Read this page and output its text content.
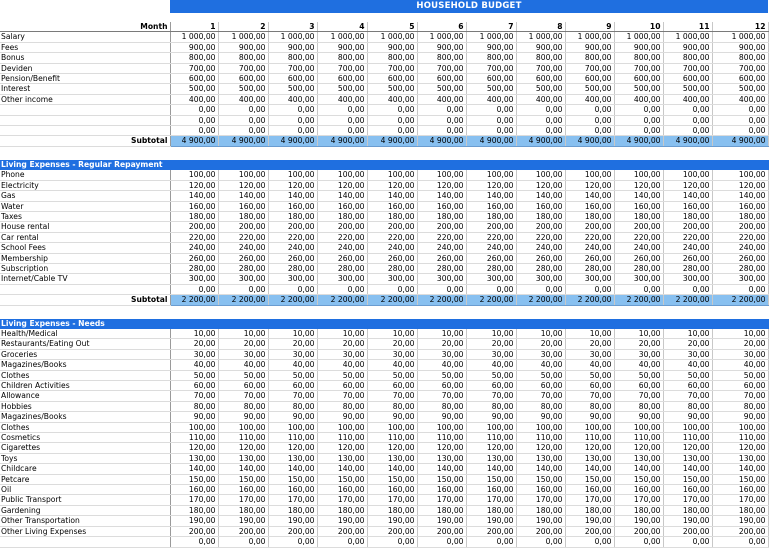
HOUSEHOLD BUDGET
Month	1	2	3	4	5	6	7	8	9	10	11	12
Salary	1 000,00	1 000,00	1 000,00	1 000,00	1 000,00	1 000,00	1 000,00	1 000,00	1 000,00	1 000,00	1 000,00	1 000,00
Fees	900,00	900,00	900,00	900,00	900,00	900,00	900,00	900,00	900,00	900,00	900,00	900,00
Bonus	800,00	800,00	800,00	800,00	800,00	800,00	800,00	800,00	800,00	800,00	800,00	800,00
Deviden	700,00	700,00	700,00	700,00	700,00	700,00	700,00	700,00	700,00	700,00	700,00	700,00
Pension/Benefit	600,00	600,00	600,00	600,00	600,00	600,00	600,00	600,00	600,00	600,00	600,00	600,00
Interest	500,00	500,00	500,00	500,00	500,00	500,00	500,00	500,00	500,00	500,00	500,00	500,00
Other income	400,00	400,00	400,00	400,00	400,00	400,00	400,00	400,00	400,00	400,00	400,00	400,00
	0,00	0,00	0,00	0,00	0,00	0,00	0,00	0,00	0,00	0,00	0,00	0,00
	0,00	0,00	0,00	0,00	0,00	0,00	0,00	0,00	0,00	0,00	0,00	0,00
	0,00	0,00	0,00	0,00	0,00	0,00	0,00	0,00	0,00	0,00	0,00	0,00
Subtotal	4 900,00	4 900,00	4 900,00	4 900,00	4 900,00	4 900,00	4 900,00	4 900,00	4 900,00	4 900,00	4 900,00	4 900,00

Living Expenses - Regular Repayment												
Phone	100,00	100,00	100,00	100,00	100,00	100,00	100,00	100,00	100,00	100,00	100,00	100,00
Electricity	120,00	120,00	120,00	120,00	120,00	120,00	120,00	120,00	120,00	120,00	120,00	120,00
Gas	140,00	140,00	140,00	140,00	140,00	140,00	140,00	140,00	140,00	140,00	140,00	140,00
Water	160,00	160,00	160,00	160,00	160,00	160,00	160,00	160,00	160,00	160,00	160,00	160,00
Taxes	180,00	180,00	180,00	180,00	180,00	180,00	180,00	180,00	180,00	180,00	180,00	180,00
House rental	200,00	200,00	200,00	200,00	200,00	200,00	200,00	200,00	200,00	200,00	200,00	200,00
Car rental	220,00	220,00	220,00	220,00	220,00	220,00	220,00	220,00	220,00	220,00	220,00	220,00
School Fees	240,00	240,00	240,00	240,00	240,00	240,00	240,00	240,00	240,00	240,00	240,00	240,00
Membership	260,00	260,00	260,00	260,00	260,00	260,00	260,00	260,00	260,00	260,00	260,00	260,00
Subscription	280,00	280,00	280,00	280,00	280,00	280,00	280,00	280,00	280,00	280,00	280,00	280,00
Internet/Cable TV	300,00	300,00	300,00	300,00	300,00	300,00	300,00	300,00	300,00	300,00	300,00	300,00
	0,00	0,00	0,00	0,00	0,00	0,00	0,00	0,00	0,00	0,00	0,00	0,00
Subtotal	2 200,00	2 200,00	2 200,00	2 200,00	2 200,00	2 200,00	2 200,00	2 200,00	2 200,00	2 200,00	2 200,00	2 200,00

Living Expenses - Needs												
Health/Medical	10,00	10,00	10,00	10,00	10,00	10,00	10,00	10,00	10,00	10,00	10,00	10,00
Restaurants/Eating Out	20,00	20,00	20,00	20,00	20,00	20,00	20,00	20,00	20,00	20,00	20,00	20,00
Groceries	30,00	30,00	30,00	30,00	30,00	30,00	30,00	30,00	30,00	30,00	30,00	30,00
Magazines/Books	40,00	40,00	40,00	40,00	40,00	40,00	40,00	40,00	40,00	40,00	40,00	40,00
Clothes	50,00	50,00	50,00	50,00	50,00	50,00	50,00	50,00	50,00	50,00	50,00	50,00
Children Activities	60,00	60,00	60,00	60,00	60,00	60,00	60,00	60,00	60,00	60,00	60,00	60,00
Allowance	70,00	70,00	70,00	70,00	70,00	70,00	70,00	70,00	70,00	70,00	70,00	70,00
Hobbies	80,00	80,00	80,00	80,00	80,00	80,00	80,00	80,00	80,00	80,00	80,00	80,00
Magazines/Books	90,00	90,00	90,00	90,00	90,00	90,00	90,00	90,00	90,00	90,00	90,00	90,00
Clothes	100,00	100,00	100,00	100,00	100,00	100,00	100,00	100,00	100,00	100,00	100,00	100,00
Cosmetics	110,00	110,00	110,00	110,00	110,00	110,00	110,00	110,00	110,00	110,00	110,00	110,00
Cigarettes	120,00	120,00	120,00	120,00	120,00	120,00	120,00	120,00	120,00	120,00	120,00	120,00
Toys	130,00	130,00	130,00	130,00	130,00	130,00	130,00	130,00	130,00	130,00	130,00	130,00
Childcare	140,00	140,00	140,00	140,00	140,00	140,00	140,00	140,00	140,00	140,00	140,00	140,00
Petcare	150,00	150,00	150,00	150,00	150,00	150,00	150,00	150,00	150,00	150,00	150,00	150,00
Oil	160,00	160,00	160,00	160,00	160,00	160,00	160,00	160,00	160,00	160,00	160,00	160,00
Public Transport	170,00	170,00	170,00	170,00	170,00	170,00	170,00	170,00	170,00	170,00	170,00	170,00
Gardening	180,00	180,00	180,00	180,00	180,00	180,00	180,00	180,00	180,00	180,00	180,00	180,00
Other Transportation	190,00	190,00	190,00	190,00	190,00	190,00	190,00	190,00	190,00	190,00	190,00	190,00
Other Living Expenses	200,00	200,00	200,00	200,00	200,00	200,00	200,00	200,00	200,00	200,00	200,00	200,00
	0,00	0,00	0,00	0,00	0,00	0,00	0,00	0,00	0,00	0,00	0,00	0,00
